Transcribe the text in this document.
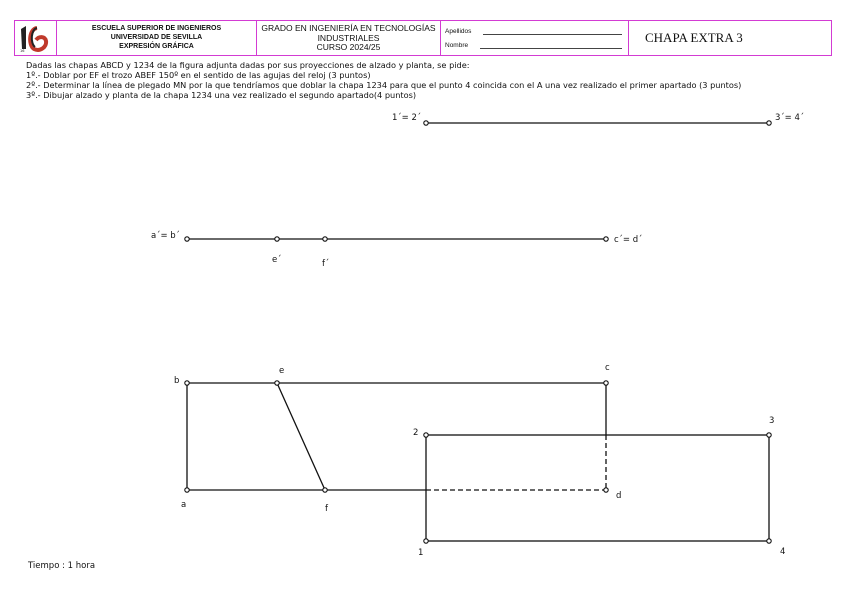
16
ESCUELA SUPERIOR DE INGENIEROS
UNIVERSIDAD DE SEVILLA
EXPRESIÓN GRÁFICA
GRADO EN INGENIERÍA EN TECNOLOGÍAS
INDUSTRIALES
CURSO 2024/25
Apellidos
Nombre
CHAPA EXTRA 3
Dadas las chapas ABCD y 1234 de la figura adjunta dadas por sus proyecciones de alzado y planta, se pide:
1º.- Doblar por EF el trozo ABEF 150º en el sentido de las agujas del reloj (3 puntos)
2º.- Determinar la línea de plegado MN por la que tendríamos que doblar la chapa 1234 para que el punto 4 coincida con el A una vez realizado el primer apartado (3 puntos)
3º.- Dibujar alzado y planta de la chapa 1234 una vez realizado el segundo apartado(4 puntos)
1´= 2´	3´= 4´
a´= b´
e´	f´
c´= d´
b
e	c
a	f
d
2
3
1	4
Tiempo : 1 hora
